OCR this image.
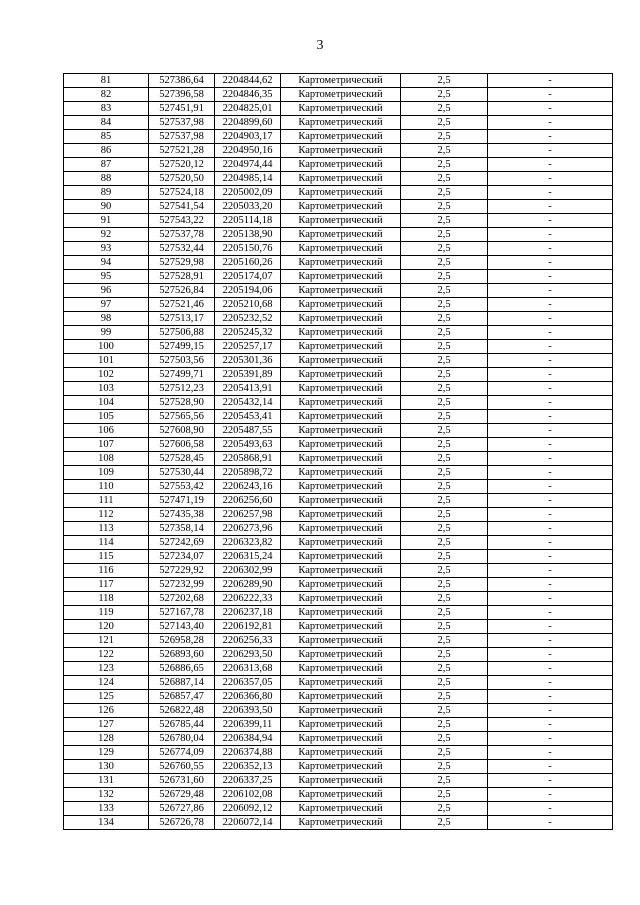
3
81	527386,64	2204844,62	Картометрический	2,5	-
82	527396,58	2204846,35	Картометрический	2,5	-
83	527451,91	2204825,01	Картометрический	2,5	-
84	527537,98	2204899,60	Картометрический	2,5	-
85	527537,98	2204903,17	Картометрический	2,5	-
86	527521,28	2204950,16	Картометрический	2,5	-
87	527520,12	2204974,44	Картометрический	2,5	-
88	527520,50	2204985,14	Картометрический	2,5	-
89	527524,18	2205002,09	Картометрический	2,5	-
90	527541,54	2205033,20	Картометрический	2,5	-
91	527543,22	2205114,18	Картометрический	2,5	-
92	527537,78	2205138,90	Картометрический	2,5	-
93	527532,44	2205150,76	Картометрический	2,5	-
94	527529,98	2205160,26	Картометрический	2,5	-
95	527528,91	2205174,07	Картометрический	2,5	-
96	527526,84	2205194,06	Картометрический	2,5	-
97	527521,46	2205210,68	Картометрический	2,5	-
98	527513,17	2205232,52	Картометрический	2,5	-
99	527506,88	2205245,32	Картометрический	2,5	-
100	527499,15	2205257,17	Картометрический	2,5	-
101	527503,56	2205301,36	Картометрический	2,5	-
102	527499,71	2205391,89	Картометрический	2,5	-
103	527512,23	2205413,91	Картометрический	2,5	-
104	527528,90	2205432,14	Картометрический	2,5	-
105	527565,56	2205453,41	Картометрический	2,5	-
106	527608,90	2205487,55	Картометрический	2,5	-
107	527606,58	2205493,63	Картометрический	2,5	-
108	527528,45	2205868,91	Картометрический	2,5	-
109	527530,44	2205898,72	Картометрический	2,5	-
110	527553,42	2206243,16	Картометрический	2,5	-
111	527471,19	2206256,60	Картометрический	2,5	-
112	527435,38	2206257,98	Картометрический	2,5	-
113	527358,14	2206273,96	Картометрический	2,5	-
114	527242,69	2206323,82	Картометрический	2,5	-
115	527234,07	2206315,24	Картометрический	2,5	-
116	527229,92	2206302,99	Картометрический	2,5	-
117	527232,99	2206289,90	Картометрический	2,5	-
118	527202,68	2206222,33	Картометрический	2,5	-
119	527167,78	2206237,18	Картометрический	2,5	-
120	527143,40	2206192,81	Картометрический	2,5	-
121	526958,28	2206256,33	Картометрический	2,5	-
122	526893,60	2206293,50	Картометрический	2,5	-
123	526886,65	2206313,68	Картометрический	2,5	-
124	526887,14	2206357,05	Картометрический	2,5	-
125	526857,47	2206366,80	Картометрический	2,5	-
126	526822,48	2206393,50	Картометрический	2,5	-
127	526785,44	2206399,11	Картометрический	2,5	-
128	526780,04	2206384,94	Картометрический	2,5	-
129	526774,09	2206374,88	Картометрический	2,5	-
130	526760,55	2206352,13	Картометрический	2,5	-
131	526731,60	2206337,25	Картометрический	2,5	-
132	526729,48	2206102,08	Картометрический	2,5	-
133	526727,86	2206092,12	Картометрический	2,5	-
134	526726,78	2206072,14	Картометрический	2,5	-
